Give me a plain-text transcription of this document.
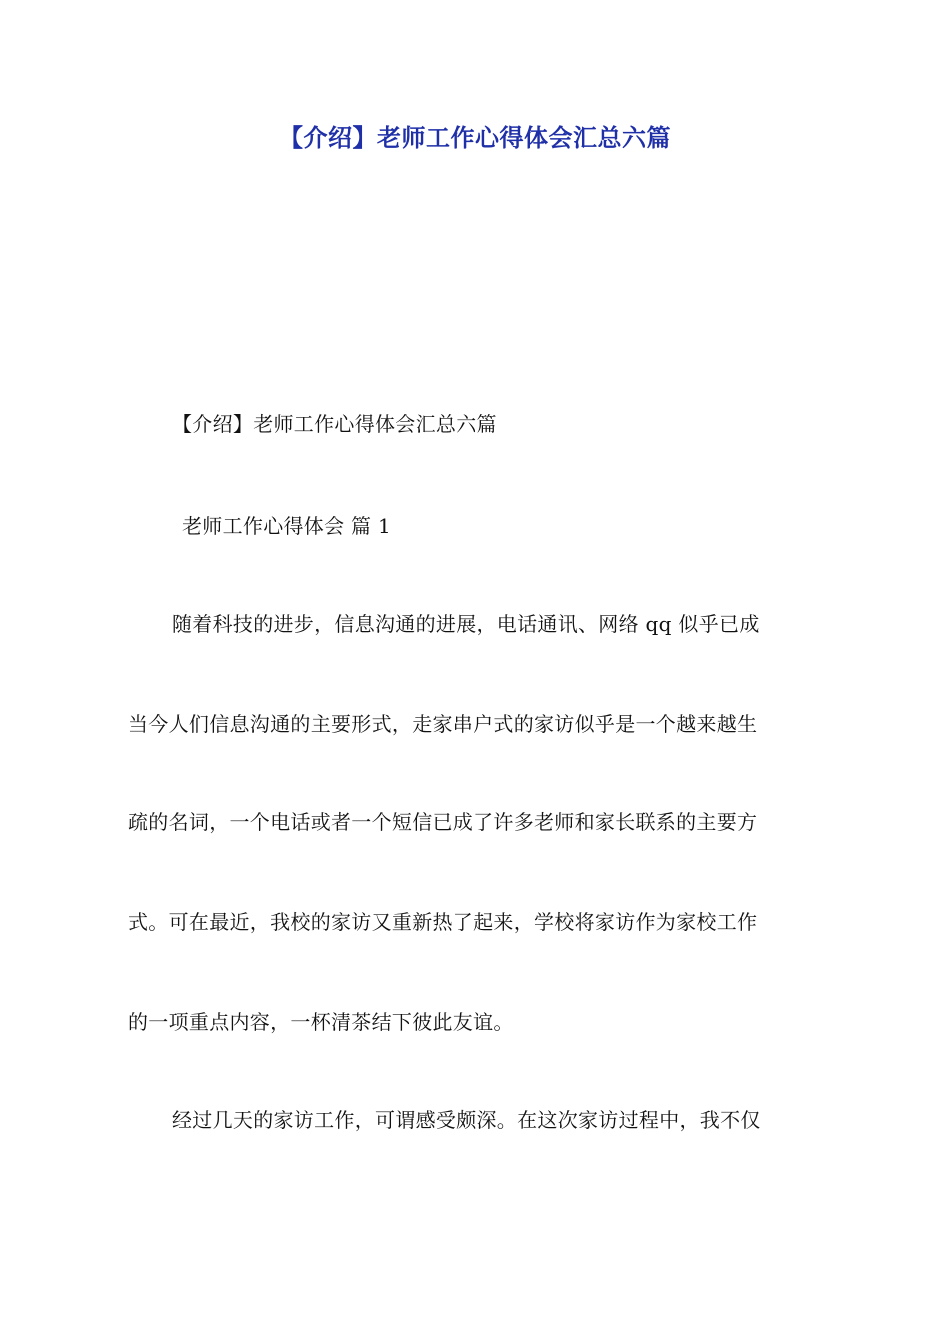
【介绍】老师工作心得体会汇总六篇
【介绍】老师工作心得体会汇总六篇
老师工作心得体会 篇 1
随着科技的进步，信息沟通的进展，电话通讯、网络 qq 似乎已成
当今人们信息沟通的主要形式，走家串户式的家访似乎是一个越来越生
疏的名词，一个电话或者一个短信已成了许多老师和家长联系的主要方
式。可在最近，我校的家访又重新热了起来，学校将家访作为家校工作
的一项重点内容，一杯清茶结下彼此友谊。
经过几天的家访工作，可谓感受颇深。在这次家访过程中，我不仅
